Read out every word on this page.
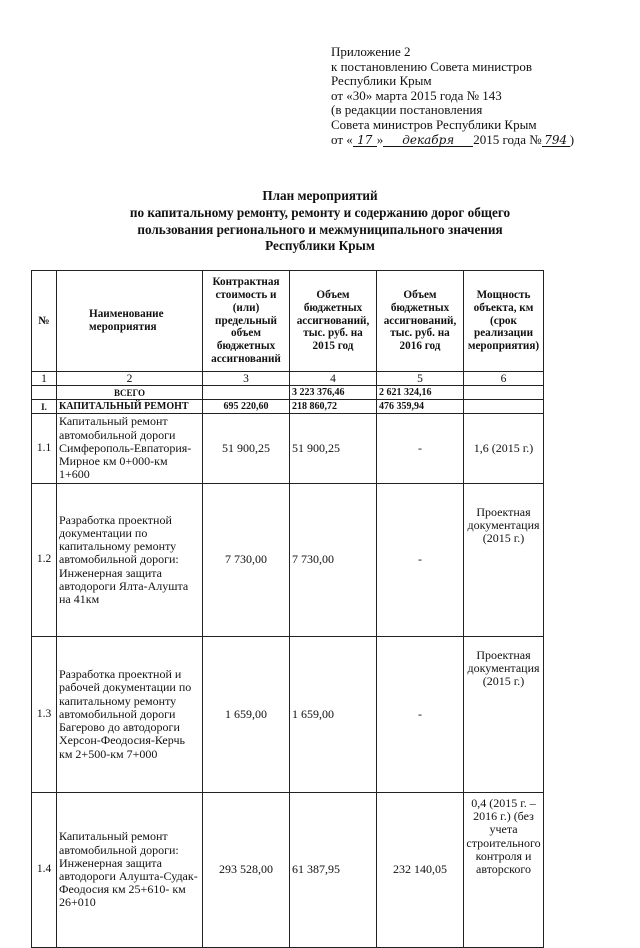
Приложение 2
к постановлению Совета министров
Республики Крым
от «30» марта 2015 года № 143
(в редакции постановления
Совета министров Республики Крым
от « 17 » декабря 2015 года № 794 )
План мероприятий
по капитальному ремонту, ремонту и содержанию дорог общего
пользования регионального и межмуниципального значения
Республики Крым
№	Наименование мероприятия	Контрактная стоимость и (или) предельный объем бюджетных ассигнований	Объем бюджетных ассигнований, тыс. руб. на 2015 год	Объем бюджетных ассигнований, тыс. руб. на 2016 год	Мощность объекта, км (срок реализации мероприятия)
1	2	3	4	5	6
	ВСЕГО		3 223 376,46	2 621 324,16	
I.	КАПИТАЛЬНЫЙ РЕМОНТ	695 220,60	218 860,72	476 359,94	
1.1	Капитальный ремонт автомобильной дороги Симферополь-Евпатория-Мирное км 0+000-км 1+600	51 900,25	51 900,25	-	1,6 (2015 г.)
1.2	Разработка проектной документации по капитальному ремонту автомобильной дороги: Инженерная защита автодороги Ялта-Алушта на 41км	7 730,00	7 730,00	-	Проектная документация (2015 г.)
1.3	Разработка проектной и рабочей документации по капитальному ремонту автомобильной дороги Багерово до автодороги Херсон-Феодосия-Керчь км 2+500-км 7+000	1 659,00	1 659,00	-	Проектная документация (2015 г.)
1.4	Капитальный ремонт автомобильной дороги: Инженерная защита автодороги Алушта-Судак-Феодосия км 25+610- км 26+010	293 528,00	61 387,95	232 140,05	0,4 (2015 г. – 2016 г.) (без учета строительного контроля и авторского
